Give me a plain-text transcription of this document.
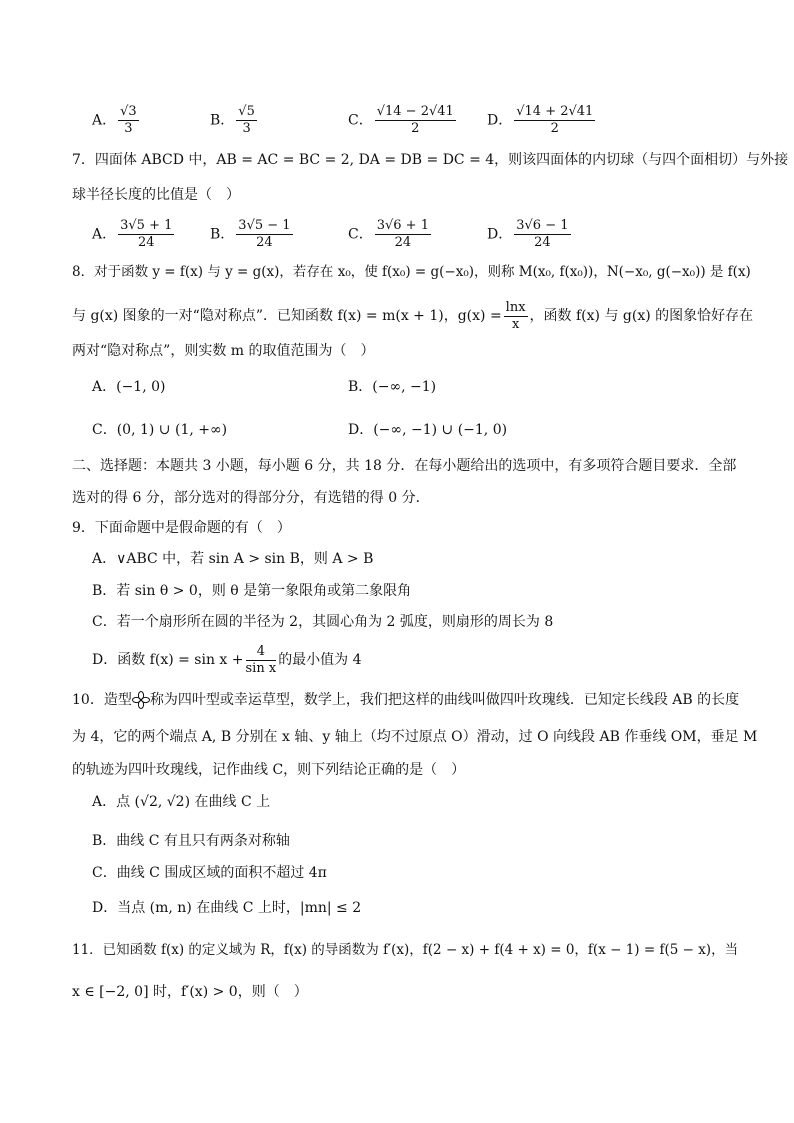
A． $\frac{√3}{3}$	B． $\frac{√5}{3}$	C． $\frac{√14 - 2√41}{2}$ D． $\frac{√14 + 2√41}{2}$
7．四面体 ABCD 中，AB = AC = BC = 2, DA = DB = DC = 4，则该四面体的内切球（与四个面相切）与外接
球半径长度的比值是（　）
A． $\frac{3√5 + 1}{24}$	B． $\frac{3√5 - 1}{24}$	C． $\frac{3√6 + 1}{24}$	D． $\frac{3√6 - 1}{24}$
8．对于函数 y = f(x) 与 y = g(x)，若存在 x₀，使 f(x₀) = g(−x₀)，则称 M(x₀, f(x₀))，N(−x₀, g(−x₀)) 是 f(x)
与 g(x) 图象的一对“隐对称点”．已知函数 f(x) = m(x + 1)，$g(x) = \frac{\ln x}{x}$ ，函数 f(x) 与 g(x) 的图象恰好存在
两对“隐对称点”，则实数 m 的取值范围为（　）
A．(−1, 0)	B．(−∞, −1)
C．(0, 1) ∪ (1, +∞)	D．(−∞, −1) ∪ (−1, 0)
二、选择题：本题共 3 小题，每小题 6 分，共 18 分．在每小题给出的选项中，有多项符合题目要求．全部
选对的得 6 分，部分选对的得部分分，有选错的得 0 分．
9．下面命题中是假命题的有（　）
A．∨ABC 中，若 sin A > sin B，则 A > B
B．若 sin θ > 0，则 θ 是第一象限角或第二象限角
C．若一个扇形所在圆的半径为 2，其圆心角为 2 弧度，则扇形的周长为 8
D．函数 $f(x) = \sin x + \frac{4}{\text{sin x}}$ 的最小值为 4
10．造型 称为四叶型或幸运草型，数学上，我们把这样的曲线叫做四叶玫瑰线．已知定长线段 AB 的长度
为 4，它的两个端点 A, B 分别在 x 轴、y 轴上（均不过原点 O）滑动，过 O 向线段 AB 作垂线 OM，垂足 M
的轨迹为四叶玫瑰线，记作曲线 C，则下列结论正确的是（　）
A．点 (√2, √2) 在曲线 C 上
B．曲线 C 有且只有两条对称轴
C．曲线 C 围成区域的面积不超过 4π
D．当点 (m, n) 在曲线 C 上时，|mn| ≤ 2
11．已知函数 f(x) 的定义域为 R，f(x) 的导函数为 f′(x)，f(2 − x) + f(4 + x) = 0，f(x − 1) = f(5 − x)，当
x ∈ [−2, 0] 时，f′(x) > 0，则（　）
